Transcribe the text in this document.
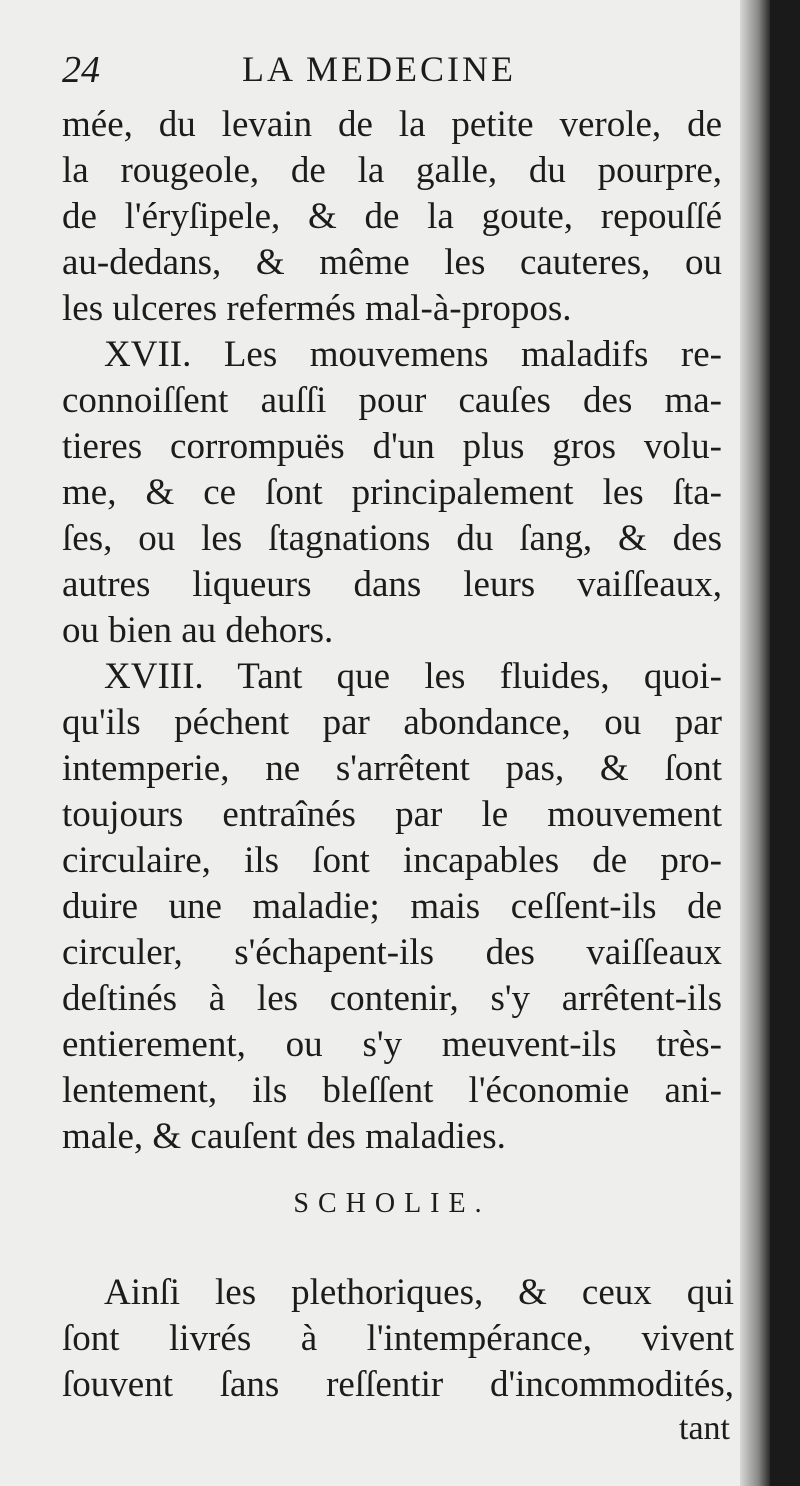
24	LA MEDECINE
mée, du levain de la petite verole, de
la rougeole, de la galle, du pourpre,
de l'éryſipele, & de la goute, repouſſé
au-dedans, & même les cauteres, ou
les ulceres refermés mal-à-propos.
XVII. Les mouvemens maladifs re-
connoiſſent auſſi pour cauſes des ma-
tieres corrompuës d'un plus gros volu-
me, & ce ſont principalement les ſta-
ſes, ou les ſtagnations du ſang, & des
autres liqueurs dans leurs vaiſſeaux,
ou bien au dehors.
XVIII. Tant que les fluides, quoi-
qu'ils péchent par abondance, ou par
intemperie, ne s'arrêtent pas, & ſont
toujours entraînés par le mouvement
circulaire, ils ſont incapables de pro-
duire une maladie; mais ceſſent-ils de
circuler, s'échapent-ils des vaiſſeaux
deſtinés à les contenir, s'y arrêtent-ils
entierement, ou s'y meuvent-ils très-
lentement, ils bleſſent l'économie ani-
male, & cauſent des maladies.
SCHOLIE.
Ainſi les plethoriques, & ceux qui
ſont livrés à l'intempérance, vivent
ſouvent ſans reſſentir d'incommodités,
tant
